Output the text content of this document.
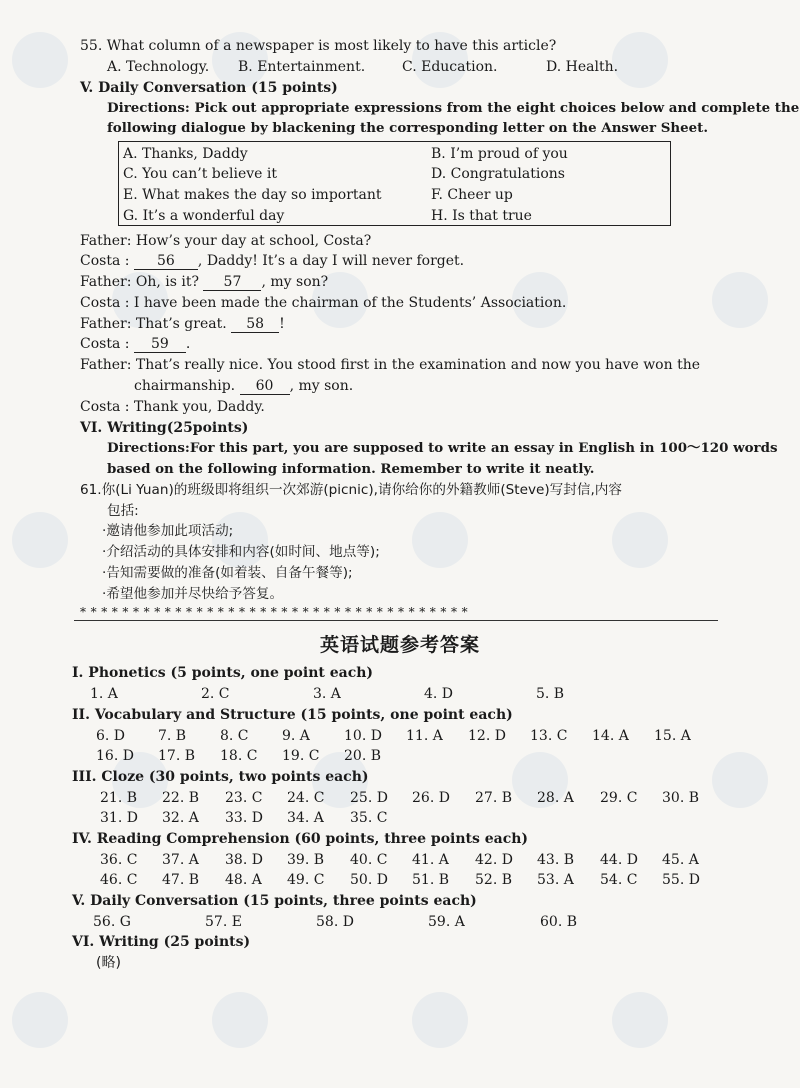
55. What column of a newspaper is most likely to have this article?
A. Technology. B. Entertainment.	C. Education.	D. Health.
V. Daily Conversation (15 points)
Directions: Pick out appropriate expressions from the eight choices below and complete the
following dialogue by blackening the corresponding letter on the Answer Sheet.
A. Thanks, Daddy	B. I’m proud of you
C. You can’t believe it	D. Congratulations
E. What makes the day so important	F. Cheer up
G. It’s a wonderful day	H. Is that true
Father: How’s your day at school, Costa?
Costa : 56 , Daddy! It’s a day I will never forget.
Father: Oh, is it? 57 , my son?
Costa : I have been made the chairman of the Students’ Association.
Father: That’s great. 58 !
Costa : 59 .
Father: That’s really nice. You stood first in the examination and now you have won the
chairmanship. 60 , my son.
Costa : Thank you, Daddy.
VI. Writing(25points)
Directions:For this part, you are supposed to write an essay in English in 100～120 words
based on the following information. Remember to write it neatly.
61.你(Li Yuan)的班级即将组织一次郊游(picnic),请你给你的外籍教师(Steve)写封信,内容
包括:
·邀请他参加此项活动;
·介绍活动的具体安排和内容(如时间、地点等);
·告知需要做的准备(如着装、自备午餐等);
·希望他参加并尽快给予答复。
*************************************
英语试题参考答案
I. Phonetics (5 points, one point each)
1. A	2. C	3. A	4. D	5. B
II. Vocabulary and Structure (15 points, one point each)
6. D 7. B 8. C 9. A 10. D 11. A 12. D 13. C 14. A 15. A
16. D 17. B 18. C 19. C 20. B
III. Cloze (30 points, two points each)
21. B 22. B 23. C 24. C 25. D 26. D 27. B 28. A 29. C 30. B
31. D 32. A 33. D 34. A 35. C
IV. Reading Comprehension (60 points, three points each)
36. C 37. A 38. D 39. B 40. C 41. A 42. D 43. B 44. D 45. A
46. C 47. B 48. A 49. C 50. D 51. B 52. B 53. A 54. C 55. D
V. Daily Conversation (15 points, three points each)
56. G	57. E	58. D	59. A	60. B
VI. Writing (25 points)
(略)
